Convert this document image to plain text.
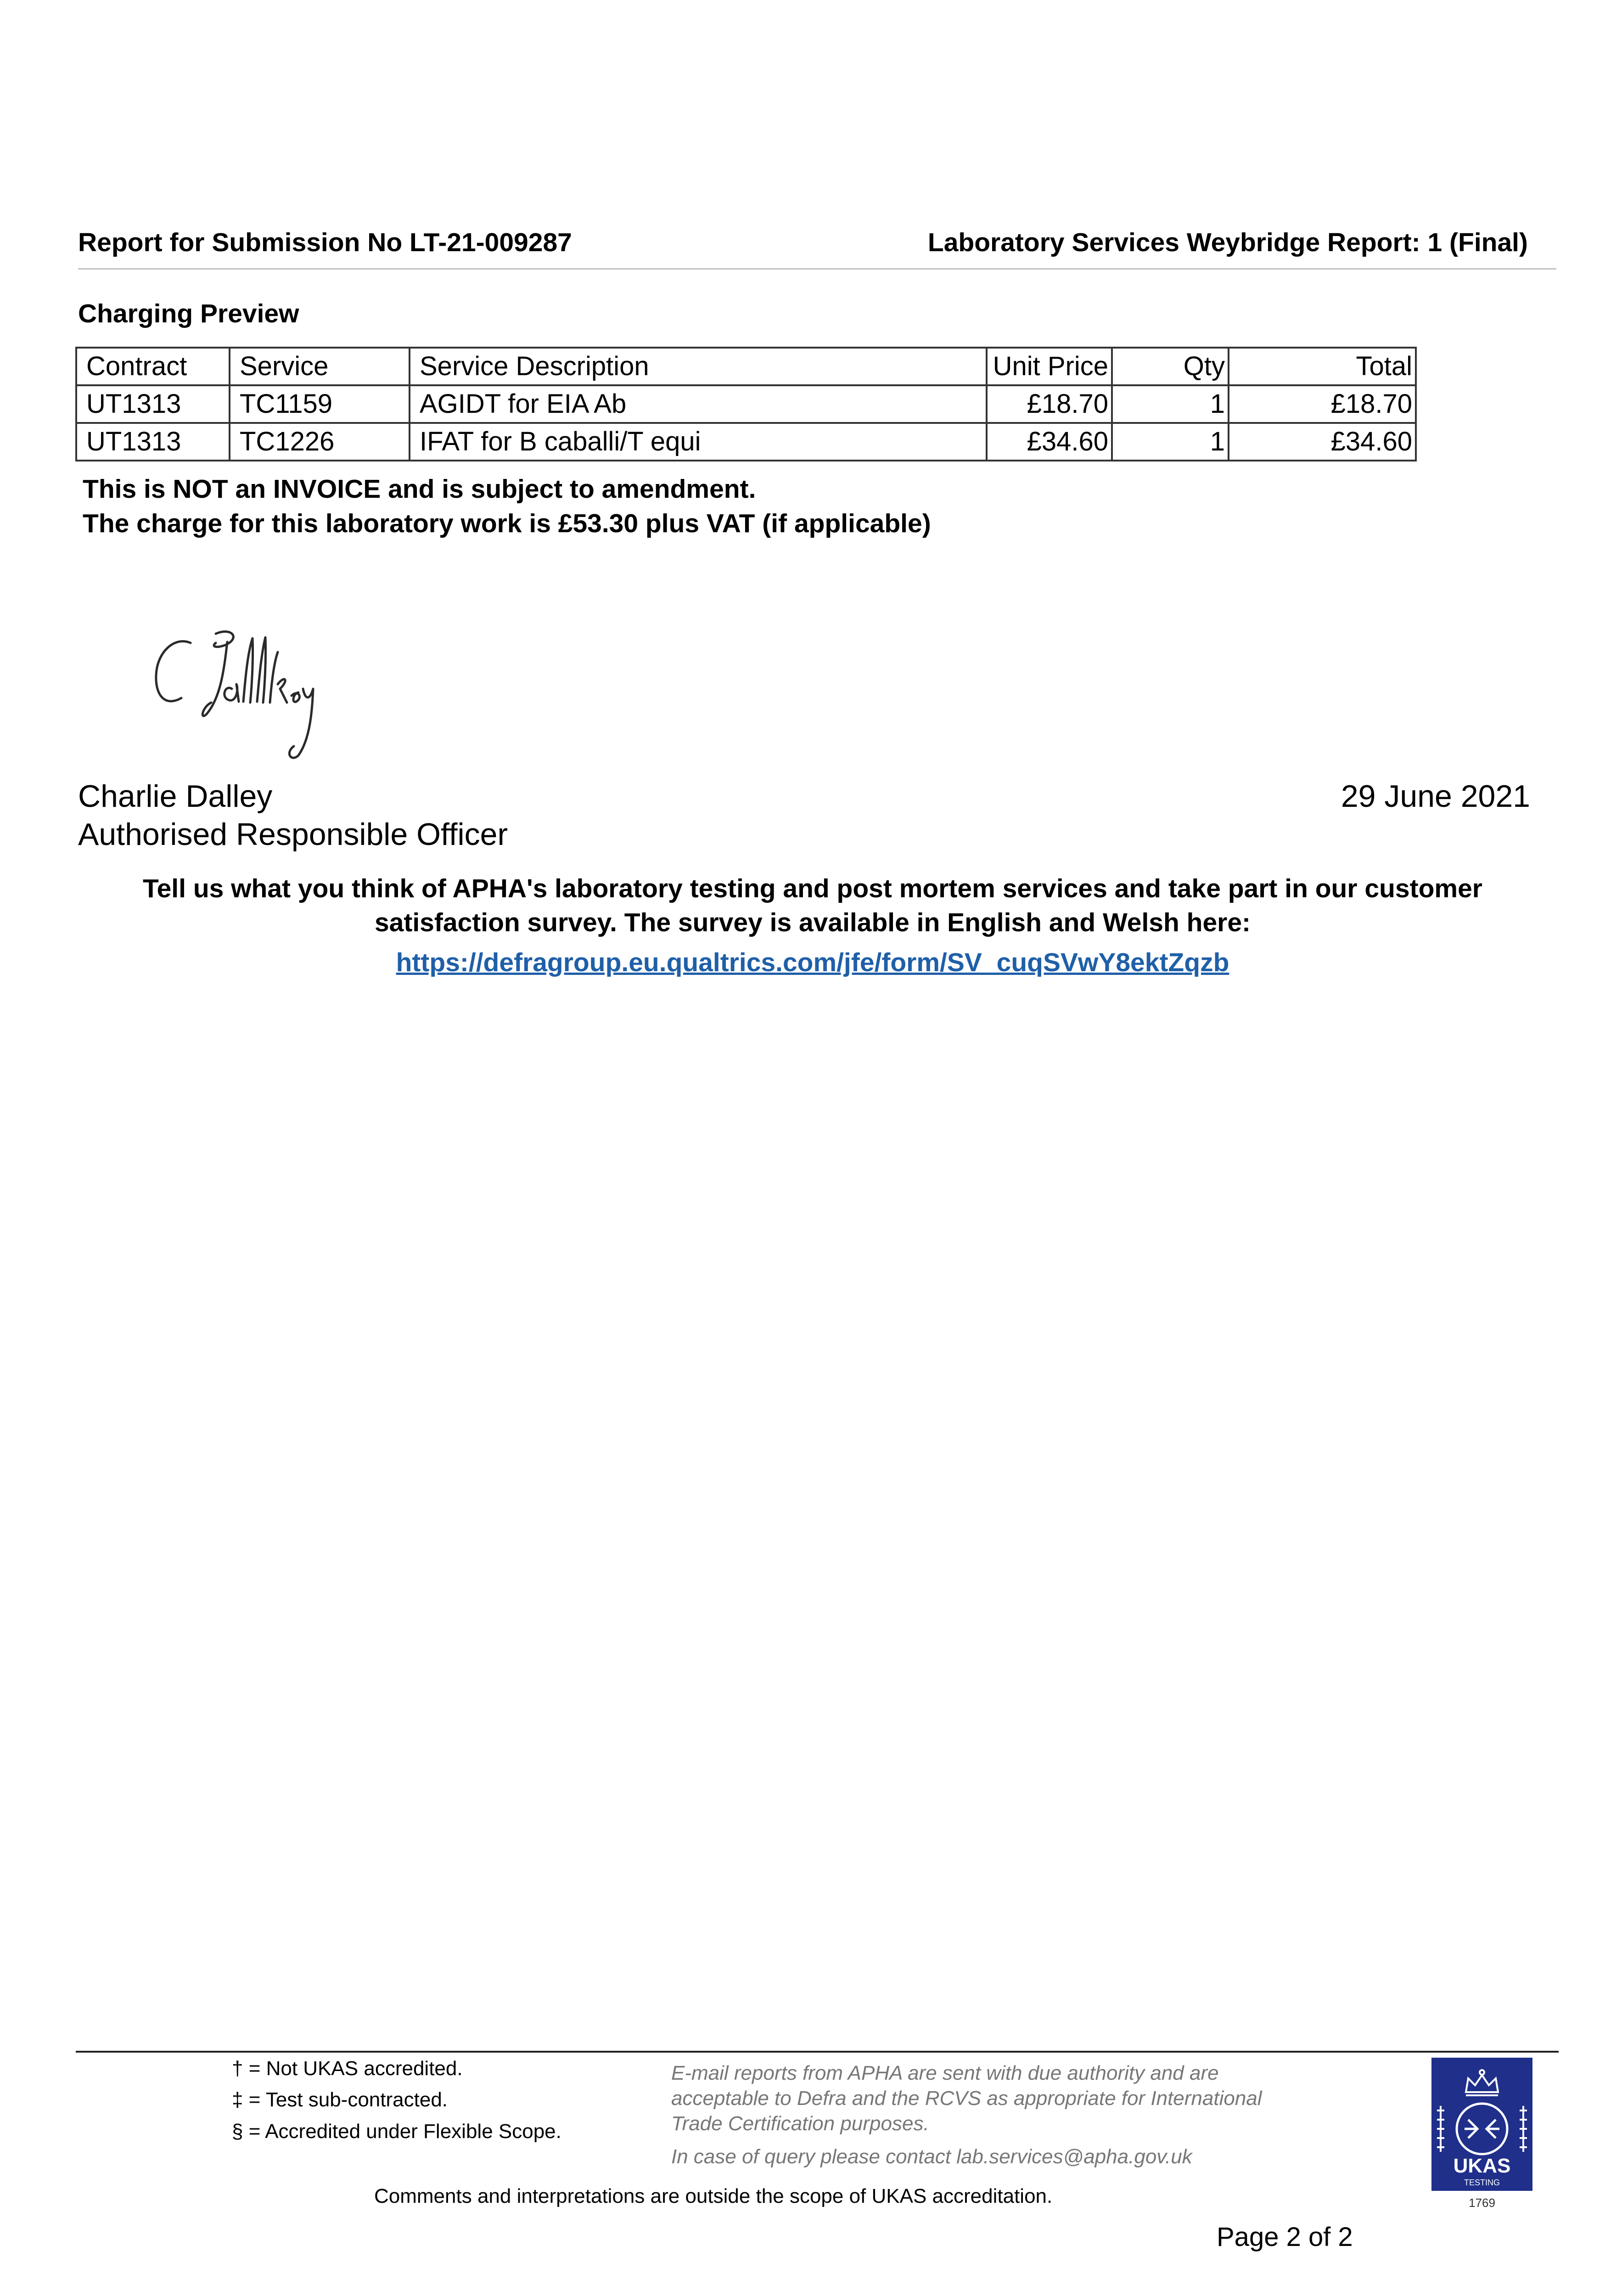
Report for Submission No LT-21-009287	Laboratory Services Weybridge Report: 1 (Final)
Charging Preview
Contract	Service	Service Description	Unit Price	Qty	Total
UT1313	TC1159	AGIDT for EIA Ab	£18.70	1	£18.70
UT1313	TC1226	IFAT for B caballi/T equi	£34.60	1	£34.60
This is NOT an INVOICE and is subject to amendment.
The charge for this laboratory work is £53.30 plus VAT (if applicable)
Charlie Dalley
Authorised Responsible Officer
29 June 2021
Tell us what you think of APHA's laboratory testing and post mortem services and take part in our customer
satisfaction survey. The survey is available in English and Welsh here:
https://defragroup.eu.qualtrics.com/jfe/form/SV_cuqSVwY8ektZqzb
† = Not UKAS accredited.
‡ = Test sub-contracted.
§ = Accredited under Flexible Scope.
E-mail reports from APHA are sent with due authority and are
acceptable to Defra and the RCVS as appropriate for International
Trade Certification purposes.
In case of query please contact lab.services@apha.gov.uk
Comments and interpretations are outside the scope of UKAS accreditation.
Page 2 of 2
UKAS
TESTING
1769
